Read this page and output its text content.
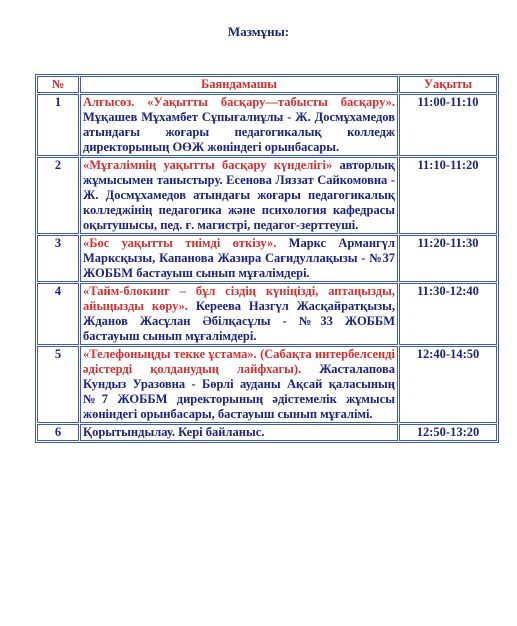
Мазмұны:
№	Баяндамашы	Уақыты
1	Алғысөз. «Уақытты басқару—табысты басқару». Мұқашев Мұхамбет Сұпығалиұлы - Ж. Досмұхамедов атындағы жоғары педагогикалық колледж директорының ОӨЖ жөніндегі орынбасары.	11:00-11:10
2	«Мұғалімнің уақытты басқару күнделігі» авторлық жұмысымен таныстыру. Есенова Ляззат Сайкомовна - Ж. Досмұхамедов атындағы жоғары педагогикалық колледжінің педагогика және психология кафедрасы оқытушысы, пед. ғ. магистрі, педагог-зерттеуші.	11:10-11:20
3	«Бос уақытты тиімді өткізу». Маркс Армангүл Марксқызы, Капанова Жазира Сағидуллақызы - №37 ЖОББМ бастауыш сынып мұғалімдері.	11:20-11:30
4	«Тайм-блокинг – бұл сіздің күніңізді, аптаңызды, айыңызды көру». Кереева Назгүл Жасқайратқызы, Жданов Жасұлан Әбілқасұлы - №33 ЖОББМ бастауыш сынып мұғалімдері.	11:30-12:40
5	«Телефоныңды текке ұстама». (Сабақта интербелсенді әдістерді қолданудың лайфхагы). Жасталапова Кундыз Уразовна - Бөрлі ауданы Ақсай қаласының №7 ЖОББМ директорының әдістемелік жұмысы жөніндегі орынбасары, бастауыш сынып мұғалімі.	12:40-14:50
6	Қорытындылау. Кері байланыс.	12:50-13:20
